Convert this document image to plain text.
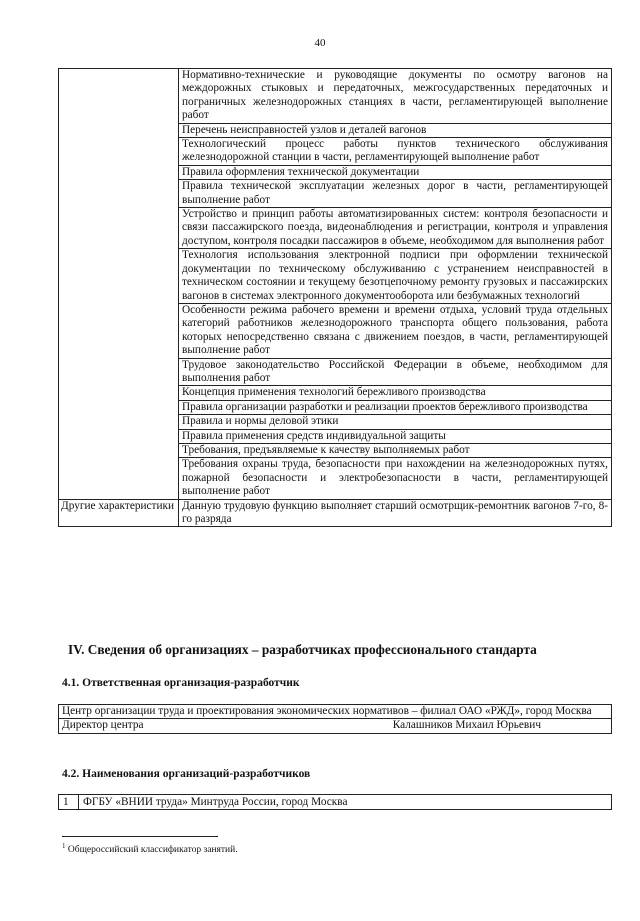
40
	Нормативно-технические и руководящие документы по осмотру вагонов на междорожных стыковых и передаточных, межгосударственных передаточных и пограничных железнодорожных станциях в части, регламентирующей выполнение работ
	Перечень неисправностей узлов и деталей вагонов
	Технологический процесс работы пунктов технического обслуживания железнодорожной станции в части, регламентирующей выполнение работ
	Правила оформления технической документации
	Правила технической эксплуатации железных дорог в части, регламентирующей выполнение работ
	Устройство и принцип работы автоматизированных систем: контроля безопасности и связи пассажирского поезда, видеонаблюдения и регистрации, контроля и управления доступом, контроля посадки пассажиров в объеме, необходимом для выполнения работ
	Технология использования электронной подписи при оформлении технической документации по техническому обслуживанию с устранением неисправностей в техническом состоянии и текущему безотцепочному ремонту грузовых и пассажирских вагонов в системах электронного документооборота или безбумажных технологий
	Особенности режима рабочего времени и времени отдыха, условий труда отдельных категорий работников железнодорожного транспорта общего пользования, работа которых непосредственно связана с движением поездов, в части, регламентирующей выполнение работ
	Трудовое законодательство Российской Федерации в объеме, необходимом для выполнения работ
	Концепция применения технологий бережливого производства
	Правила организации разработки и реализации проектов бережливого производства
	Правила и нормы деловой этики
	Правила применения средств индивидуальной защиты
	Требования, предъявляемые к качеству выполняемых работ
	Требования охраны труда, безопасности при нахождении на железнодорожных путях, пожарной безопасности и электробезопасности в части, регламентирующей выполнение работ
Другие характеристики	Данную трудовую функцию выполняет старший осмотрщик-ремонтник вагонов 7-го, 8-го разряда
IV. Сведения об организациях – разработчиках профессионального стандарта
4.1. Ответственная организация-разработчик
Центр организации труда и проектирования экономических нормативов – филиал ОАО «РЖД», город Москва
Директор центра	Калашников Михаил Юрьевич
4.2. Наименования организаций-разработчиков
1	ФГБУ «ВНИИ труда» Минтруда России, город Москва
$^1$ Общероссийский классификатор занятий.
